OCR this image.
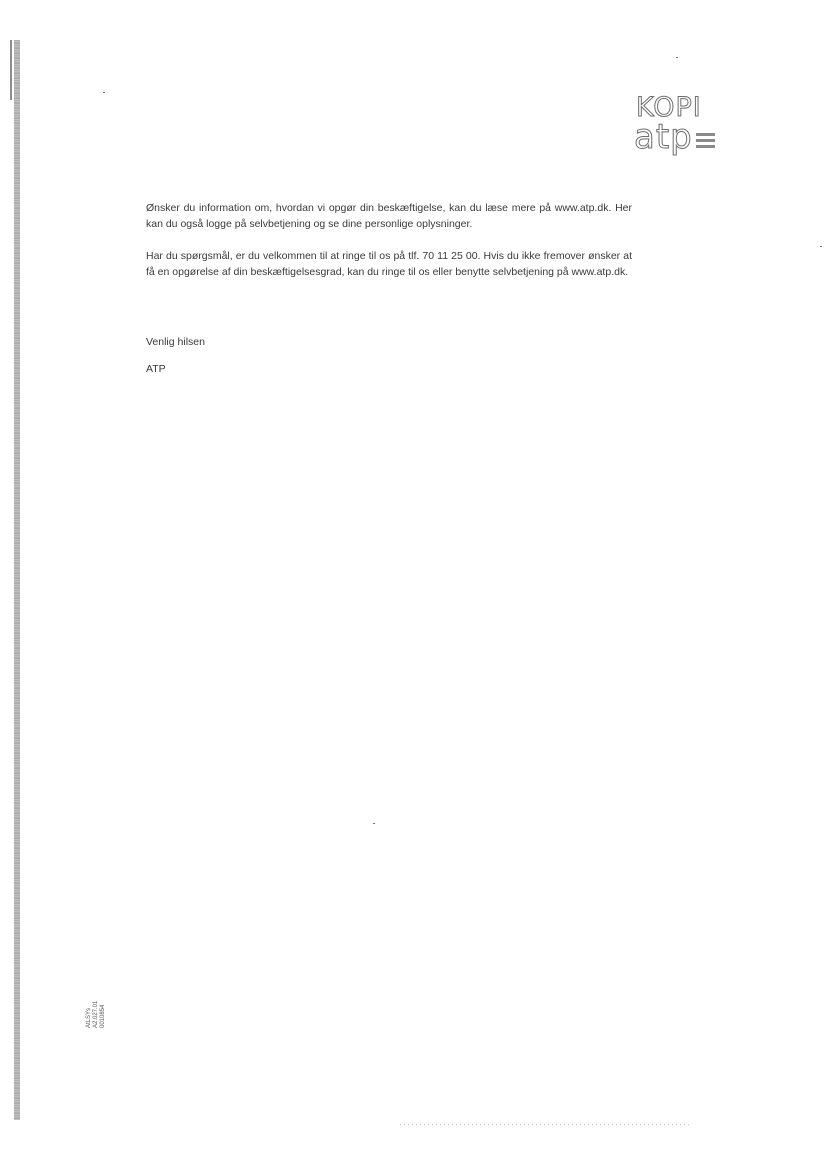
KOPI
atp

Ønsker du information om, hvordan vi opgør din beskæftigelse, kan du læse mere på www.atp.dk. Her kan du også logge på selvbetjening og se dine personlige oplysninger.

Har du spørgsmål, er du velkommen til at ringe til os på tlf. 70 11 25 00. Hvis du ikke fremover ønsker at få en opgørelse af din beskæftigelsesgrad, kan du ringe til os eller benytte selvbetjening på www.atp.dk.

Venlig hilsen
ATP
AtLSYs A2.027.01 0010854
